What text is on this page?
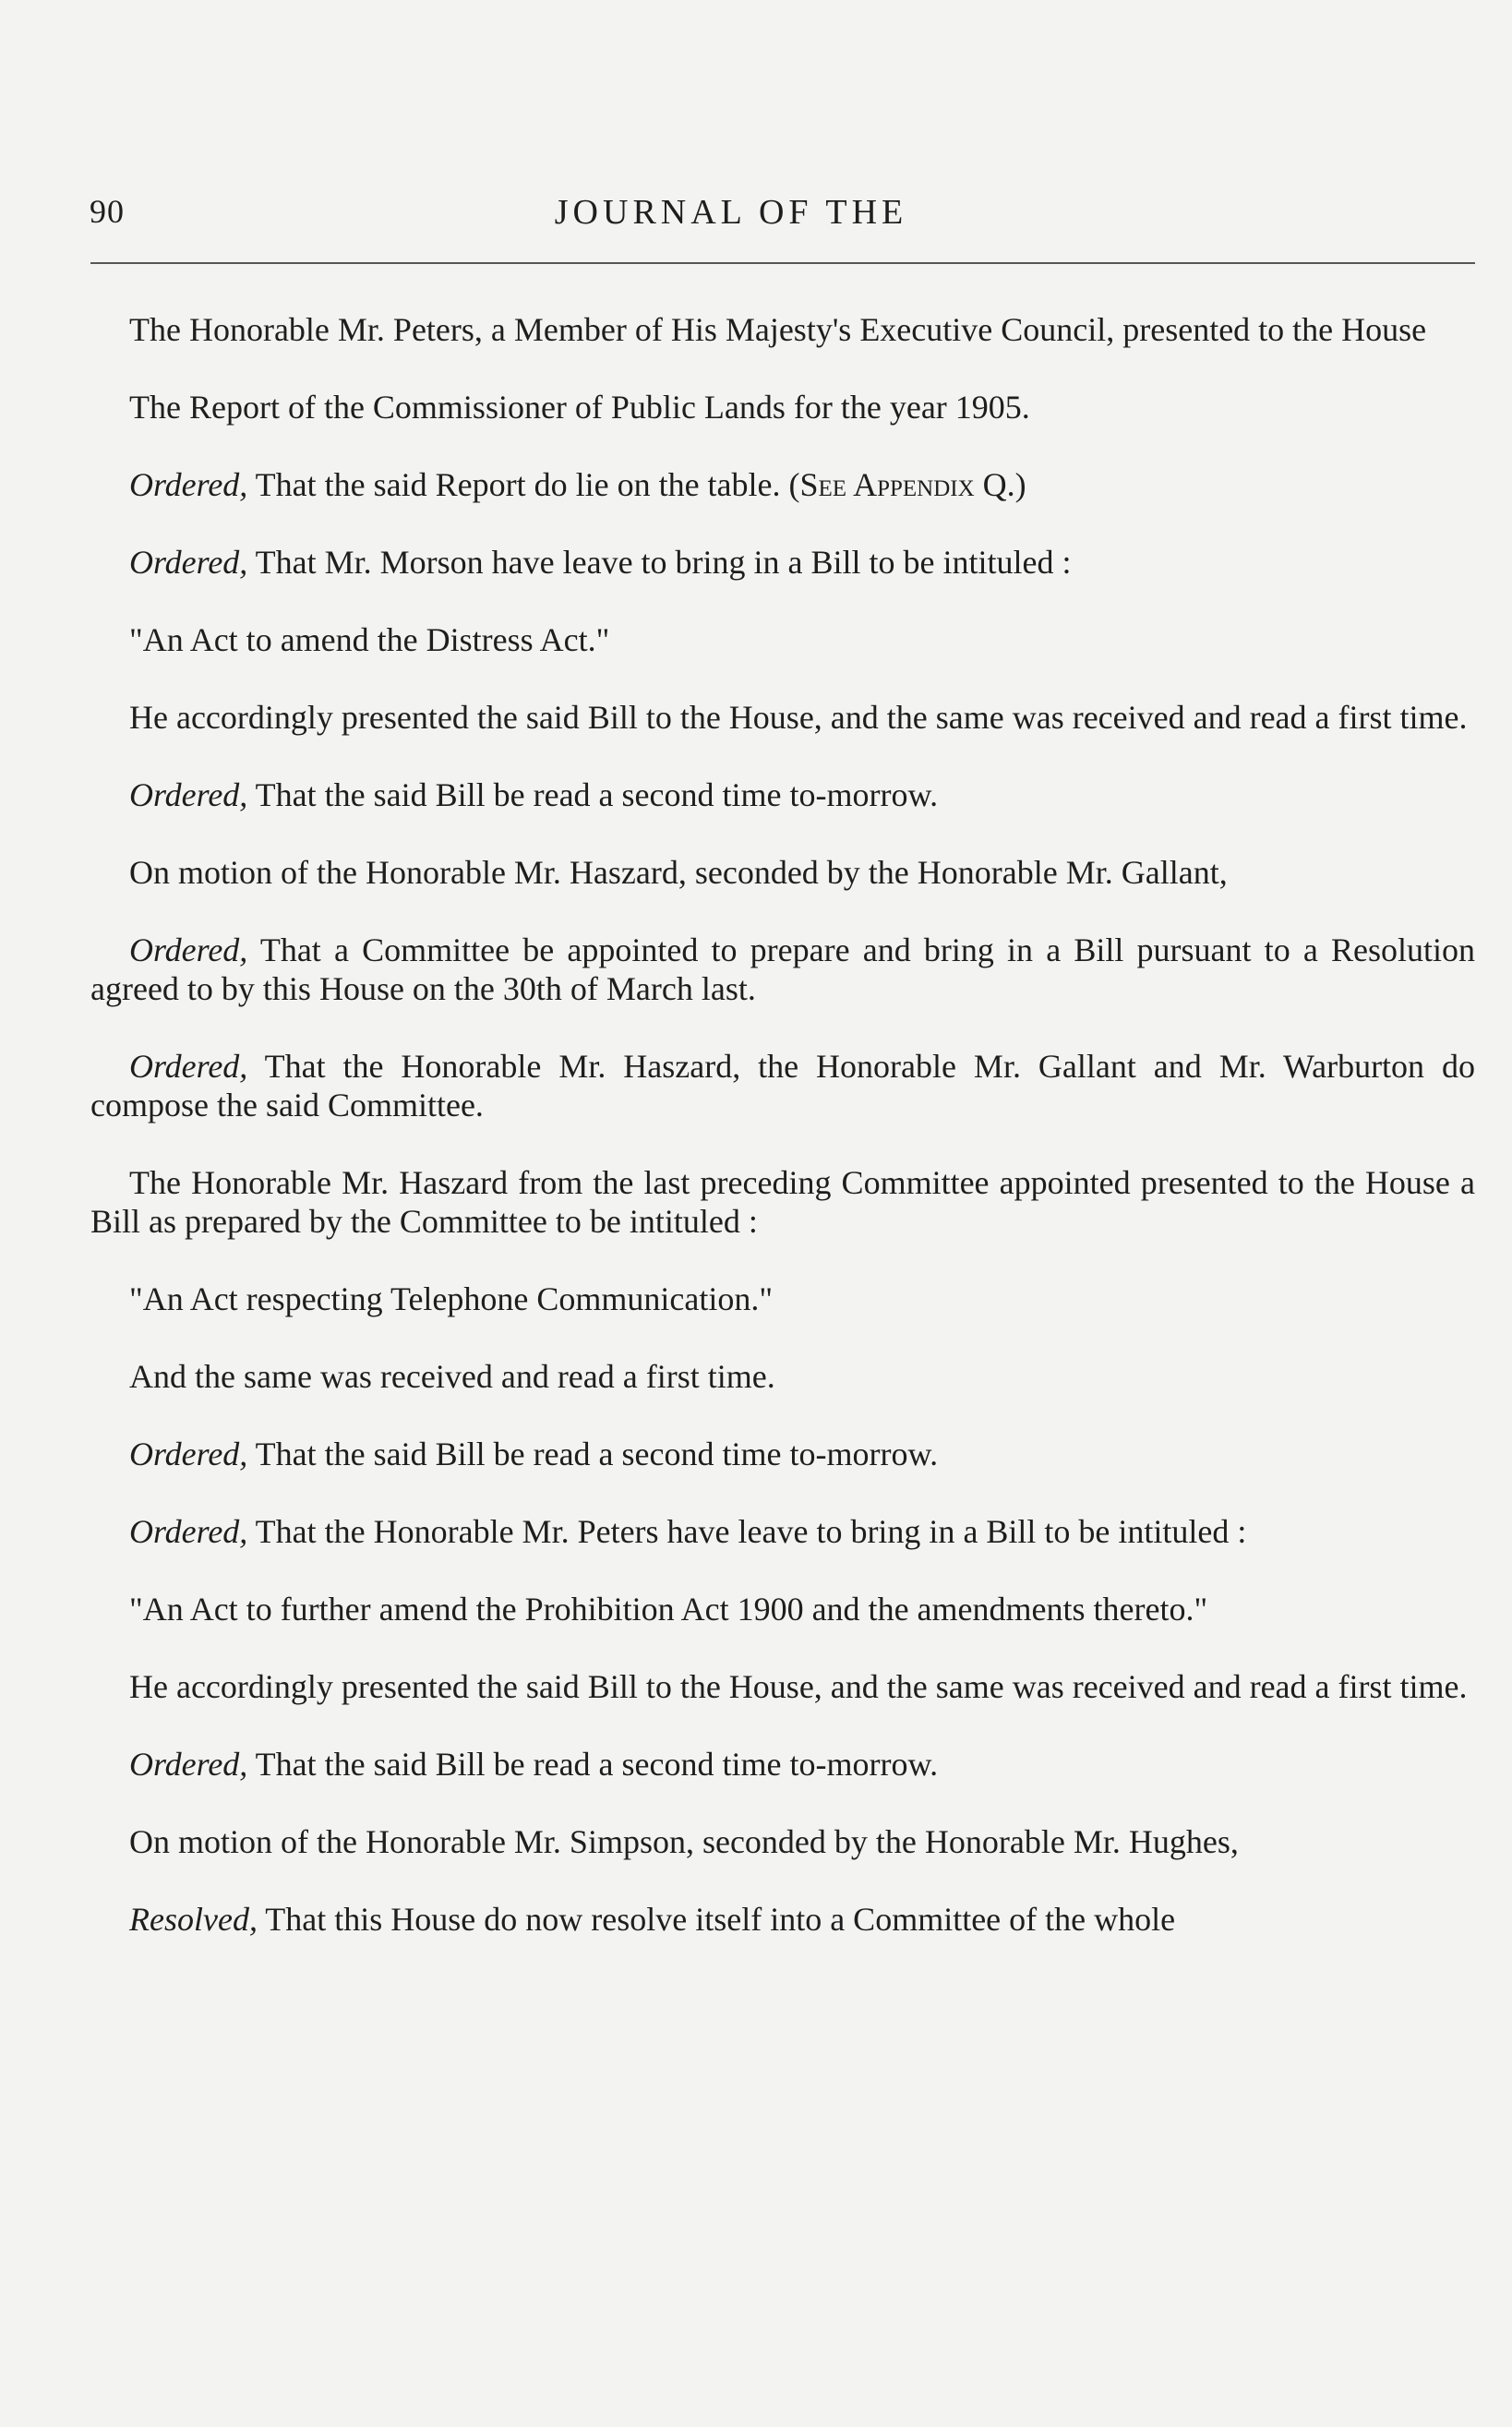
90	JOURNAL OF THE

The Honorable Mr. Peters, a Member of His Majesty's Executive Council, presented to the House

The Report of the Commissioner of Public Lands for the year 1905.

Ordered, That the said Report do lie on the table. (See Appendix Q.)

Ordered, That Mr. Morson have leave to bring in a Bill to be intituled :

"An Act to amend the Distress Act."

He accordingly presented the said Bill to the House, and the same was received and read a first time.

Ordered, That the said Bill be read a second time to-morrow.

On motion of the Honorable Mr. Haszard, seconded by the Honorable Mr. Gallant,

Ordered, That a Committee be appointed to prepare and bring in a Bill pursuant to a Resolution agreed to by this House on the 30th of March last.

Ordered, That the Honorable Mr. Haszard, the Honorable Mr. Gallant and Mr. Warburton do compose the said Committee.

The Honorable Mr. Haszard from the last preceding Committee appointed presented to the House a Bill as prepared by the Committee to be intituled :

"An Act respecting Telephone Communication."

And the same was received and read a first time.

Ordered, That the said Bill be read a second time to-morrow.

Ordered, That the Honorable Mr. Peters have leave to bring in a Bill to be intituled :

"An Act to further amend the Prohibition Act 1900 and the amendments thereto."

He accordingly presented the said Bill to the House, and the same was received and read a first time.

Ordered, That the said Bill be read a second time to-morrow.

On motion of the Honorable Mr. Simpson, seconded by the Honorable Mr. Hughes,

Resolved, That this House do now resolve itself into a Committee of the whole
